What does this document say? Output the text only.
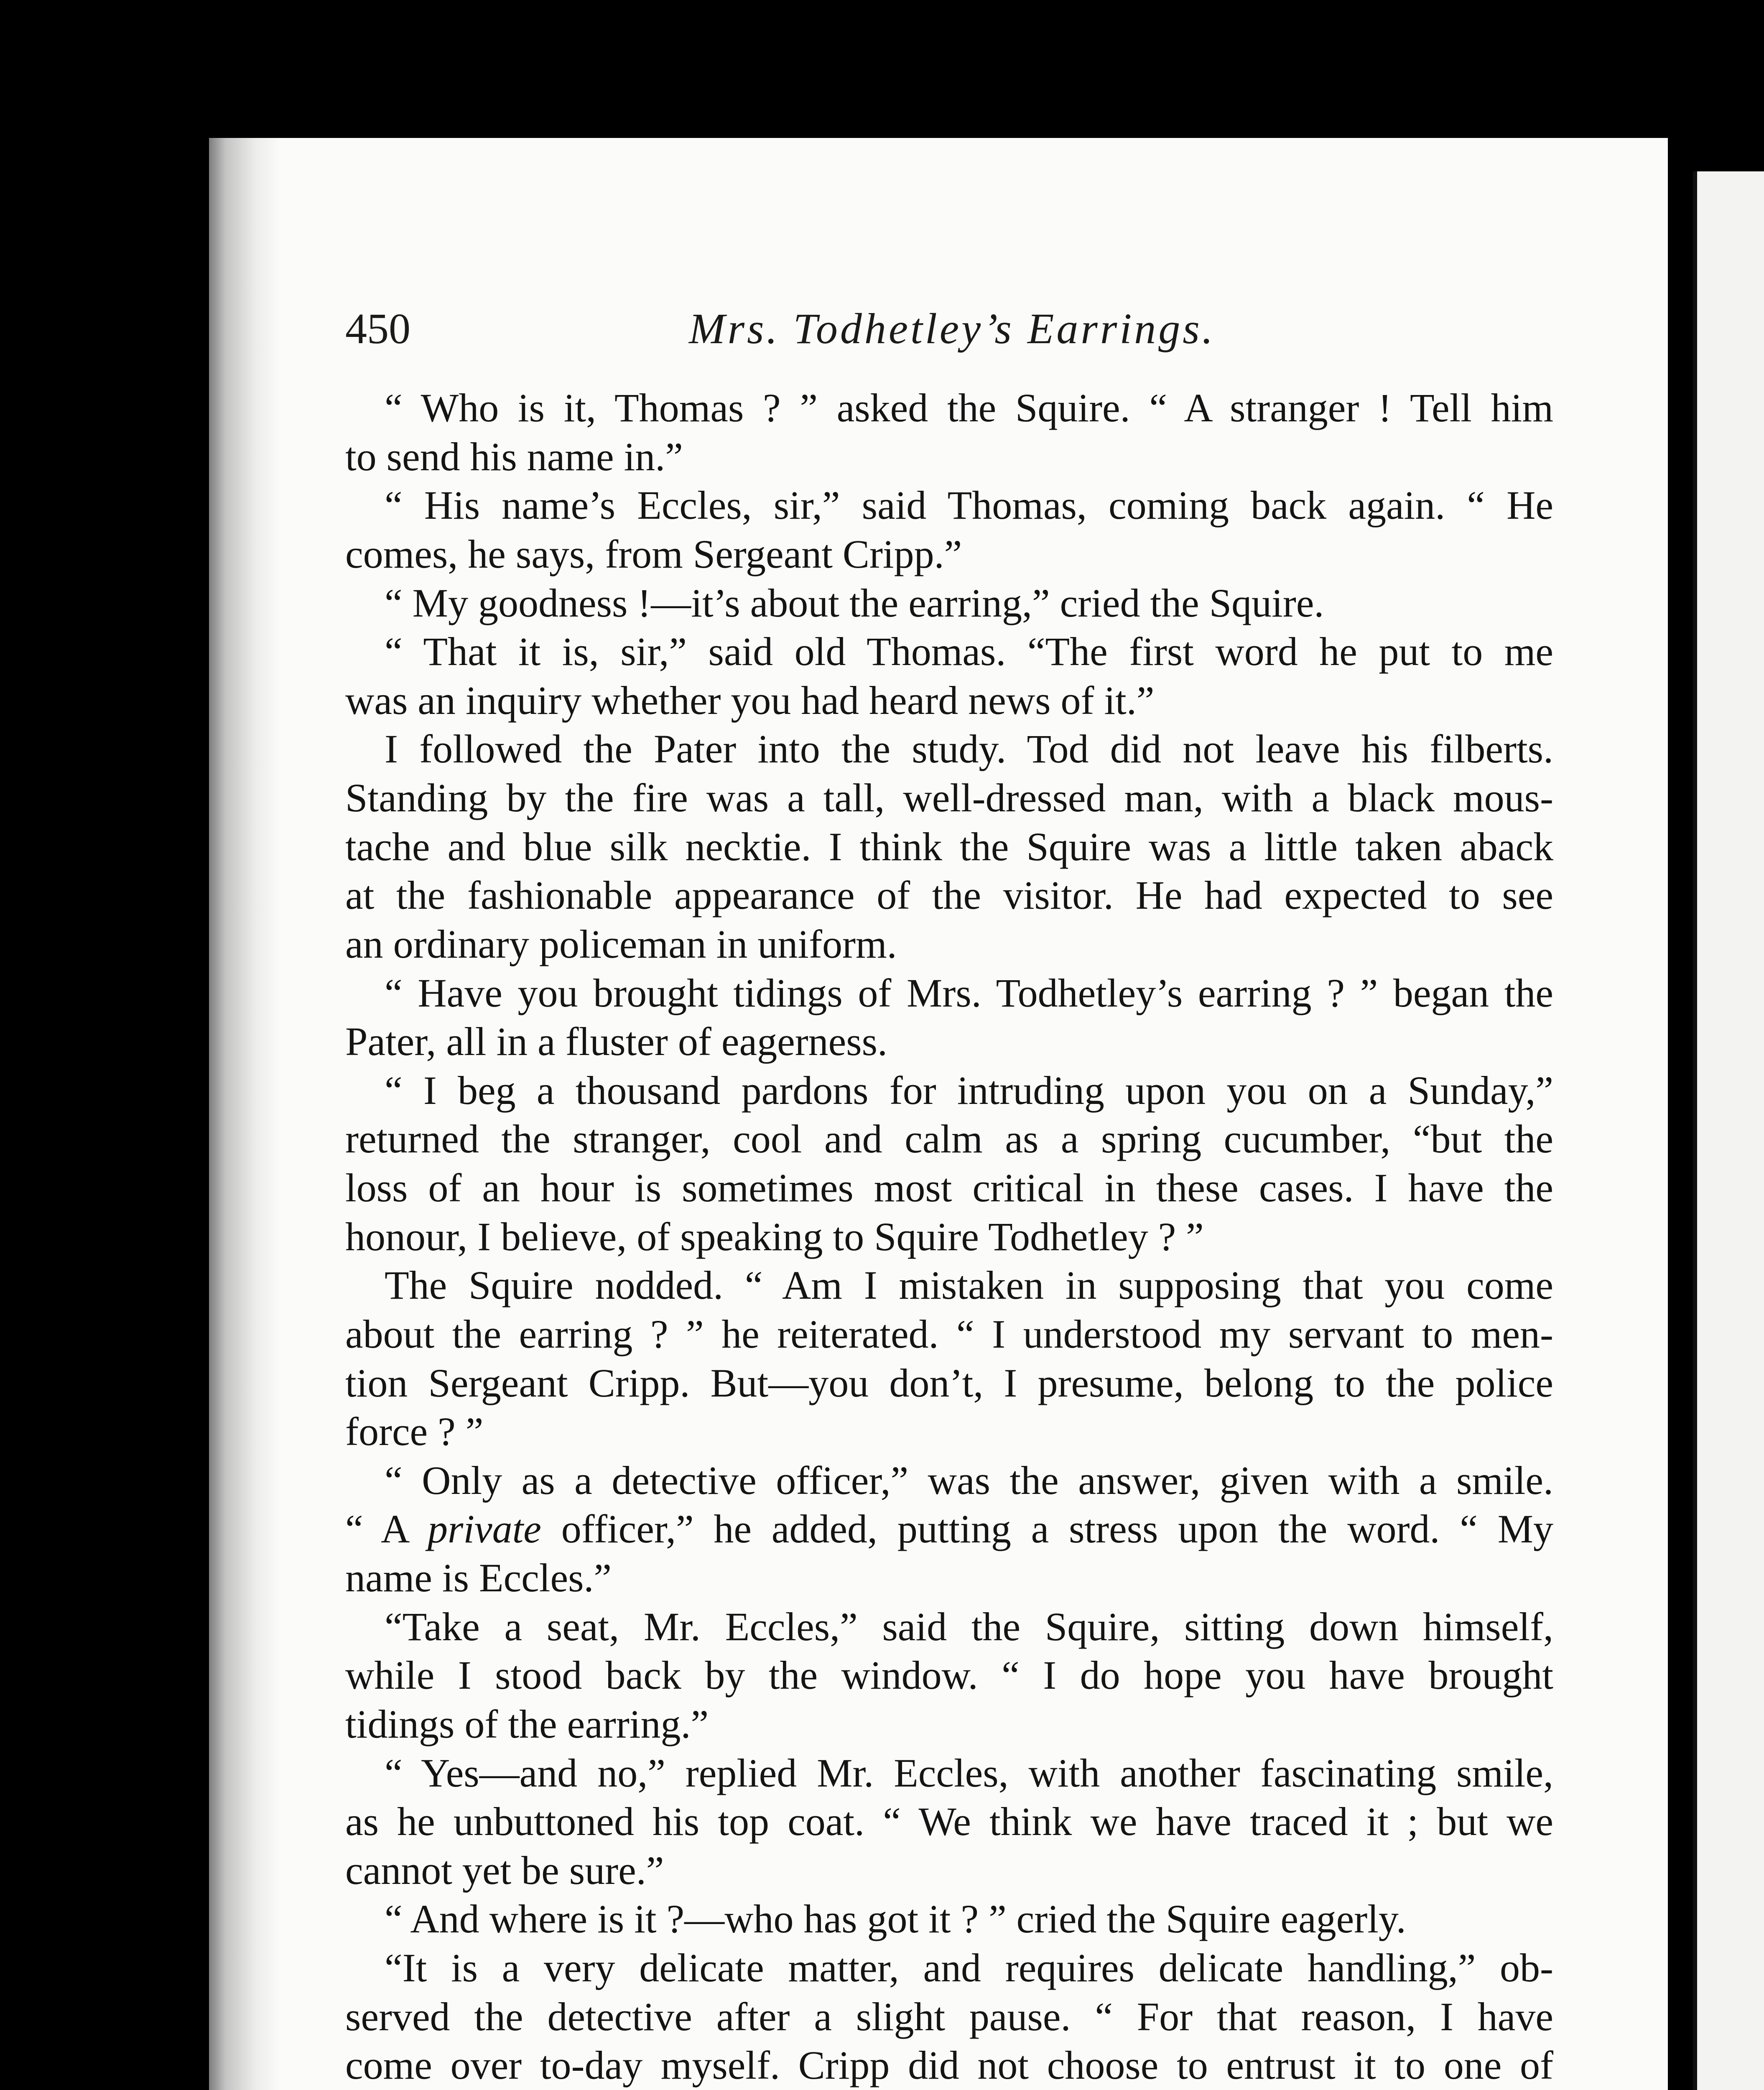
450	Mrs. Todhetley’s Earrings.
“ Who is it, Thomas ? ” asked the Squire. “ A stranger ! Tell him
to send his name in.”
“ His name’s Eccles, sir,” said Thomas, coming back again. “ He
comes, he says, from Sergeant Cripp.”
“ My goodness !—it’s about the earring,” cried the Squire.
“ That it is, sir,” said old Thomas. “The first word he put to me
was an inquiry whether you had heard news of it.”
I followed the Pater into the study. Tod did not leave his filberts.
Standing by the fire was a tall, well-dressed man, with a black mous-
tache and blue silk necktie. I think the Squire was a little taken aback
at the fashionable appearance of the visitor. He had expected to see
an ordinary policeman in uniform.
“ Have you brought tidings of Mrs. Todhetley’s earring ? ” began the
Pater, all in a fluster of eagerness.
“ I beg a thousand pardons for intruding upon you on a Sunday,”
returned the stranger, cool and calm as a spring cucumber, “but the
loss of an hour is sometimes most critical in these cases. I have the
honour, I believe, of speaking to Squire Todhetley ? ”
The Squire nodded. “ Am I mistaken in supposing that you come
about the earring ? ” he reiterated. “ I understood my servant to men-
tion Sergeant Cripp. But—you don’t, I presume, belong to the police
force ? ”
“ Only as a detective officer,” was the answer, given with a smile.
“ A private officer,” he added, putting a stress upon the word. “ My
name is Eccles.”
“Take a seat, Mr. Eccles,” said the Squire, sitting down himself,
while I stood back by the window. “ I do hope you have brought
tidings of the earring.”
“ Yes—and no,” replied Mr. Eccles, with another fascinating smile,
as he unbuttoned his top coat. “ We think we have traced it ; but we
cannot yet be sure.”
“ And where is it ?—who has got it ? ” cried the Squire eagerly.
“It is a very delicate matter, and requires delicate handling,” ob-
served the detective after a slight pause. “ For that reason, I have
come over to-day myself. Cripp did not choose to entrust it to one of
